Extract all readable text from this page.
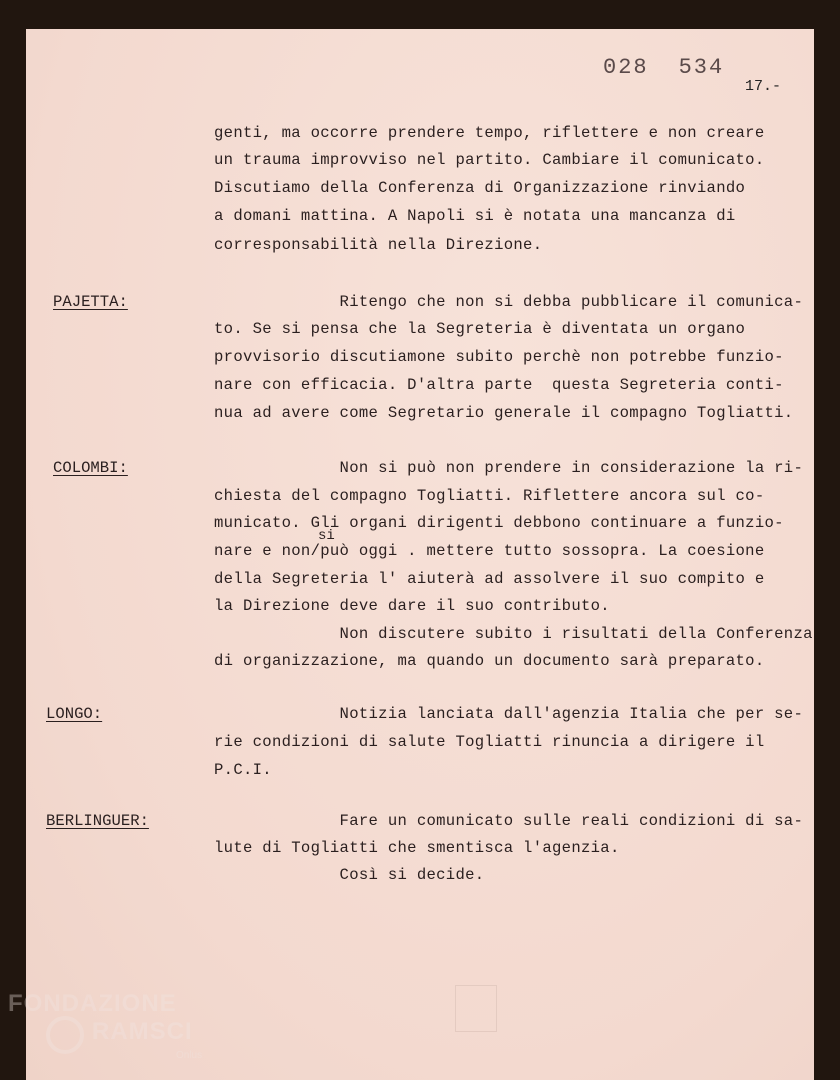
028 534
17.-
genti, ma occorre prendere tempo, riflettere e non creare
un trauma improvviso nel partito. Cambiare il comunicato.
Discutiamo della Conferenza di Organizzazione rinviando
a domani mattina. A Napoli si è notata una mancanza di
corresponsabilità nella Direzione.
PAJETTA:	Ritengo che non si debba pubblicare il comunica-
to. Se si pensa che la Segreteria è diventata un organo
provvisorio discutiamone subito perchè non potrebbe funzio-
nare con efficacia. D'altra parte  questa Segreteria conti-
nua ad avere come Segretario generale il compagno Togliatti.
COLOMBI:	Non si può non prendere in considerazione la ri-
chiesta del compagno Togliatti. Riflettere ancora sul co-
municato. Gli organi dirigenti debbono continuare a funzio-
si
nare e non/può oggi . mettere tutto sossopra. La coesione
della Segreteria l' aiuterà ad assolvere il suo compito e
la Direzione deve dare il suo contributo.
Non discutere subito i risultati della Conferenza
di organizzazione, ma quando un documento sarà preparato.
LONGO:	Notizia lanciata dall'agenzia Italia che per se-
rie condizioni di salute Togliatti rinuncia a dirigere il
P.C.I.
BERLINGUER:	Fare un comunicato sulle reali condizioni di sa-
lute di Togliatti che smentisca l'agenzia.
Così si decide.
FONDAZIONE
RAMSCI
Onlus
